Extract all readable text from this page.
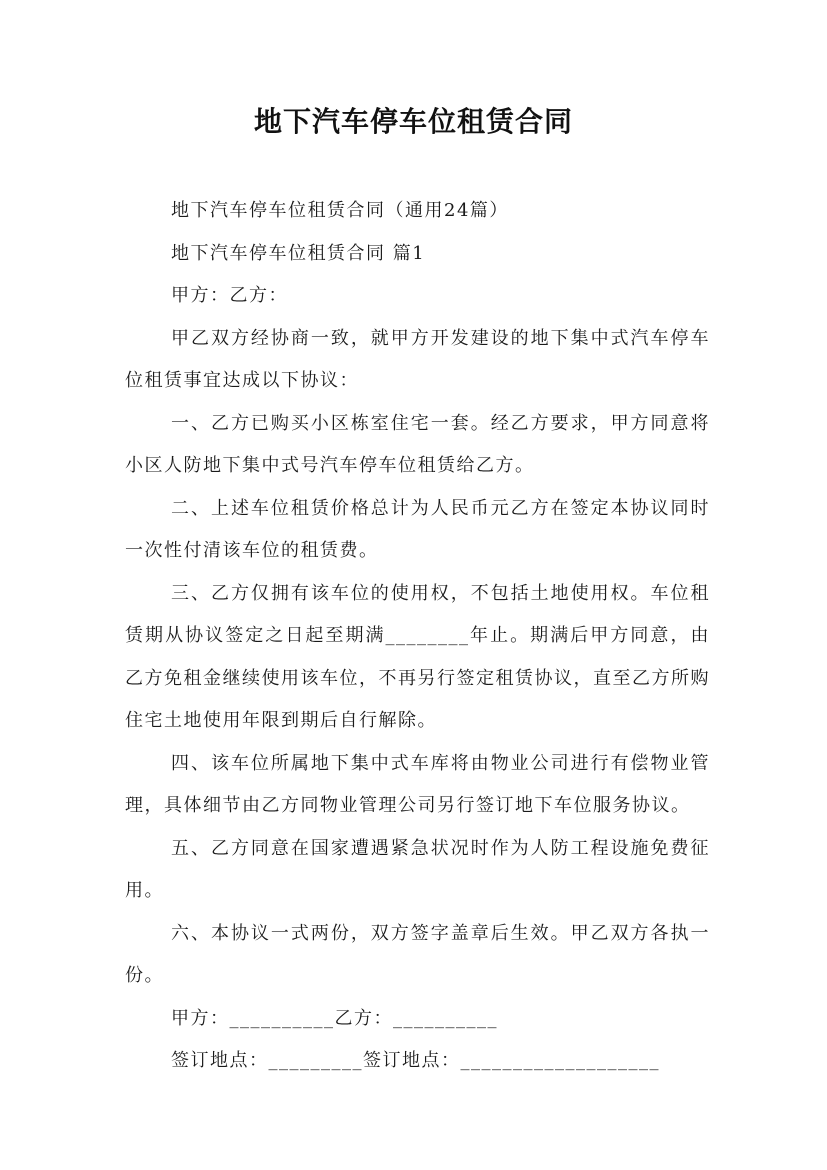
地下汽车停车位租赁合同

地下汽车停车位租赁合同（通用24篇）

地下汽车停车位租赁合同 篇1

甲方：乙方：

甲乙双方经协商一致，就甲方开发建设的地下集中式汽车停车位租赁事宜达成以下协议：

一、乙方已购买小区栋室住宅一套。经乙方要求，甲方同意将小区人防地下集中式号汽车停车位租赁给乙方。

二、上述车位租赁价格总计为人民币元乙方在签定本协议同时一次性付清该车位的租赁费。

三、乙方仅拥有该车位的使用权，不包括土地使用权。车位租赁期从协议签定之日起至期满________年止。期满后甲方同意，由乙方免租金继续使用该车位，不再另行签定租赁协议，直至乙方所购住宅土地使用年限到期后自行解除。

四、该车位所属地下集中式车库将由物业公司进行有偿物业管理，具体细节由乙方同物业管理公司另行签订地下车位服务协议。

五、乙方同意在国家遭遇紧急状况时作为人防工程设施免费征用。

六、本协议一式两份，双方签字盖章后生效。甲乙双方各执一份。

甲方：__________乙方：__________

签订地点：_________签订地点：___________________
